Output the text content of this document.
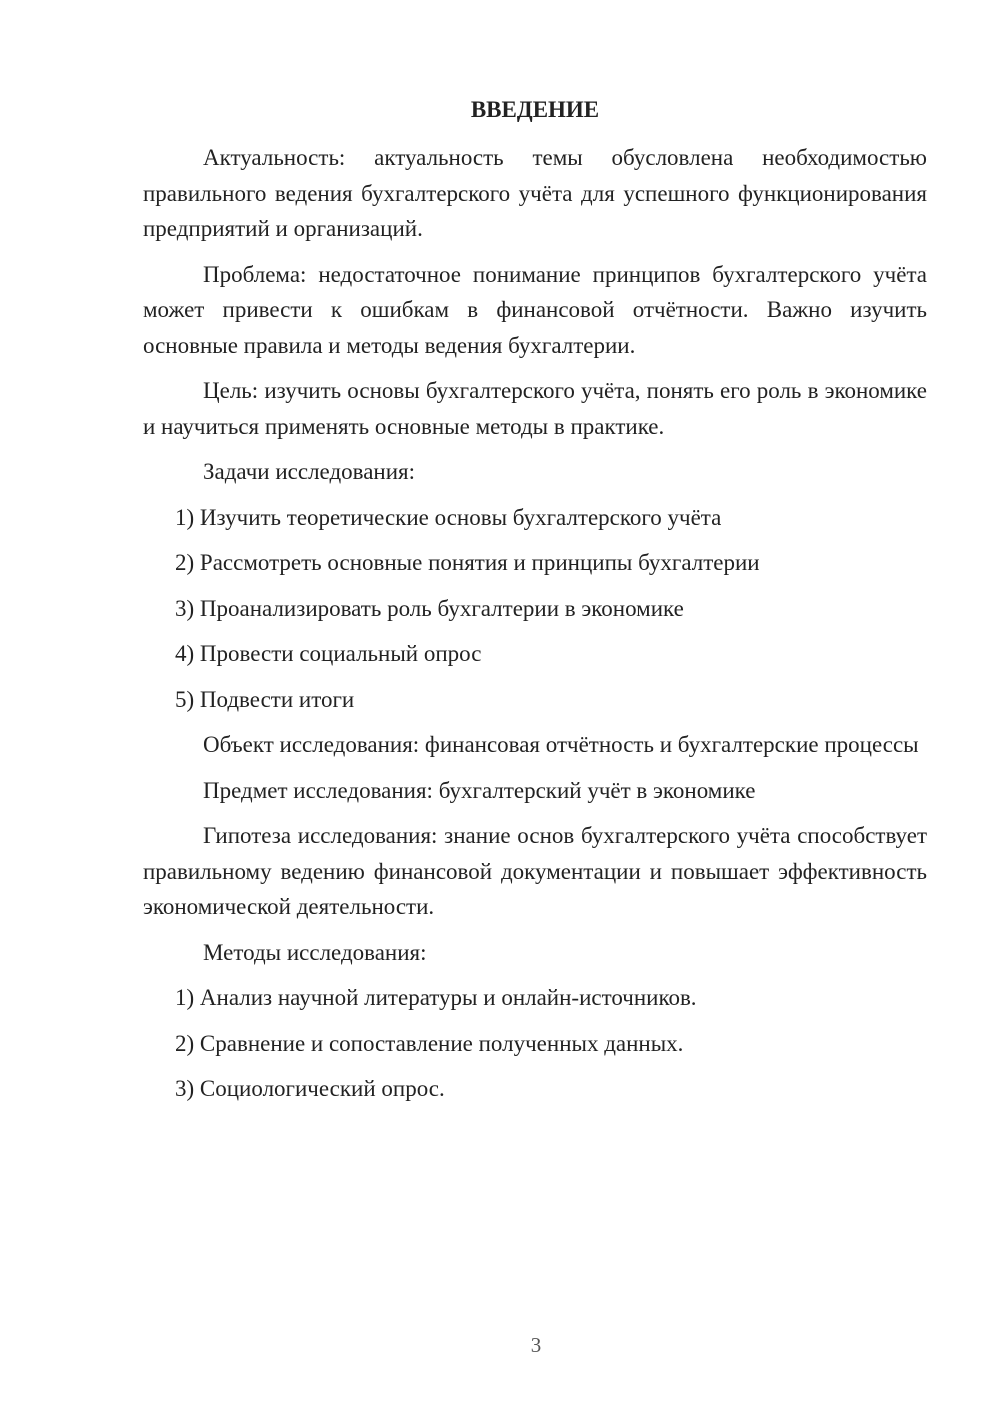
ВВЕДЕНИЕ

Актуальность: актуальность темы обусловлена необходимостью правильного ведения бухгалтерского учёта для успешного функционирования предприятий и организаций.

Проблема: недостаточное понимание принципов бухгалтерского учёта может привести к ошибкам в финансовой отчётности. Важно изучить основные правила и методы ведения бухгалтерии.

Цель: изучить основы бухгалтерского учёта, понять его роль в экономике и научиться применять основные методы в практике.

Задачи исследования:
1) Изучить теоретические основы бухгалтерского учёта
2) Рассмотреть основные понятия и принципы бухгалтерии
3) Проанализировать роль бухгалтерии в экономике
4) Провести социальный опрос
5) Подвести итоги

Объект исследования: финансовая отчётность и бухгалтерские процессы

Предмет исследования: бухгалтерский учёт в экономике

Гипотеза исследования: знание основ бухгалтерского учёта способствует правильному ведению финансовой документации и повышает эффективность экономической деятельности.

Методы исследования:
1) Анализ научной литературы и онлайн-источников.
2) Сравнение и сопоставление полученных данных.
3) Социологический опрос.
3
